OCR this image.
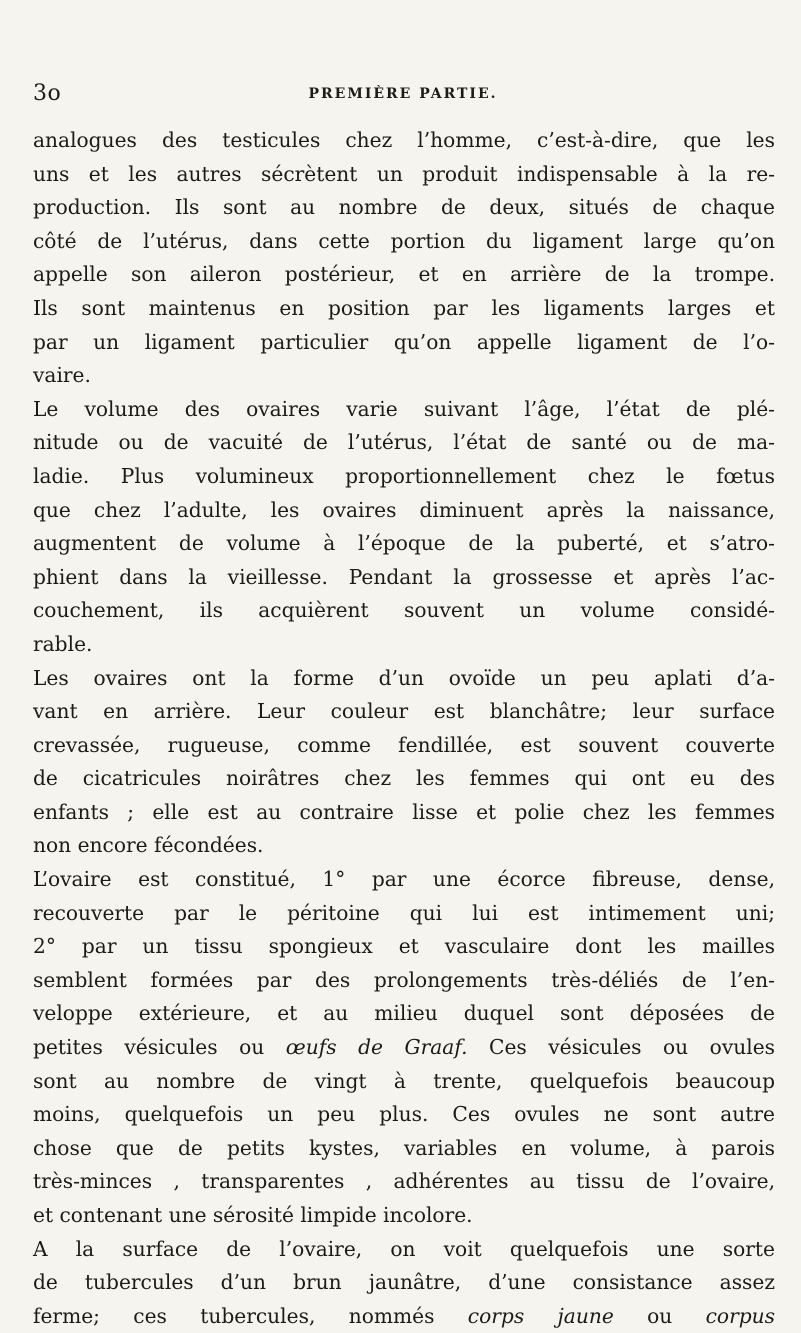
3o	PREMIÈRE PARTIE.
analogues des testicules chez l’homme, c’est-à-dire, que les
uns et les autres sécrètent un produit indispensable à la re-
production. Ils sont au nombre de deux, situés de chaque
côté de l’utérus, dans cette portion du ligament large qu’on
appelle son aileron postérieur, et en arrière de la trompe.
Ils sont maintenus en position par les ligaments larges et
par un ligament particulier qu’on appelle ligament de l’o-
vaire.
Le volume des ovaires varie suivant l’âge, l’état de plé-
nitude ou de vacuité de l’utérus, l’état de santé ou de ma-
ladie. Plus volumineux proportionnellement chez le fœtus
que chez l’adulte, les ovaires diminuent après la naissance,
augmentent de volume à l’époque de la puberté, et s’atro-
phient dans la vieillesse. Pendant la grossesse et après l’ac-
couchement, ils acquièrent souvent un volume considé-
rable.
Les ovaires ont la forme d’un ovoïde un peu aplati d’a-
vant en arrière. Leur couleur est blanchâtre; leur surface
crevassée, rugueuse, comme fendillée, est souvent couverte
de cicatricules noirâtres chez les femmes qui ont eu des
enfants ; elle est au contraire lisse et polie chez les femmes
non encore fécondées.
L’ovaire est constitué, 1° par une écorce fibreuse, dense,
recouverte par le péritoine qui lui est intimement uni;
2° par un tissu spongieux et vasculaire dont les mailles
semblent formées par des prolongements très-déliés de l’en-
veloppe extérieure, et au milieu duquel sont déposées de
petites vésicules ou œufs de Graaf. Ces vésicules ou ovules
sont au nombre de vingt à trente, quelquefois beaucoup
moins, quelquefois un peu plus. Ces ovules ne sont autre
chose que de petits kystes, variables en volume, à parois
très-minces , transparentes , adhérentes au tissu de l’ovaire,
et contenant une sérosité limpide incolore.
A la surface de l’ovaire, on voit quelquefois une sorte
de tubercules d’un brun jaunâtre, d’une consistance assez
ferme; ces tubercules, nommés corps jaune ou corpus
